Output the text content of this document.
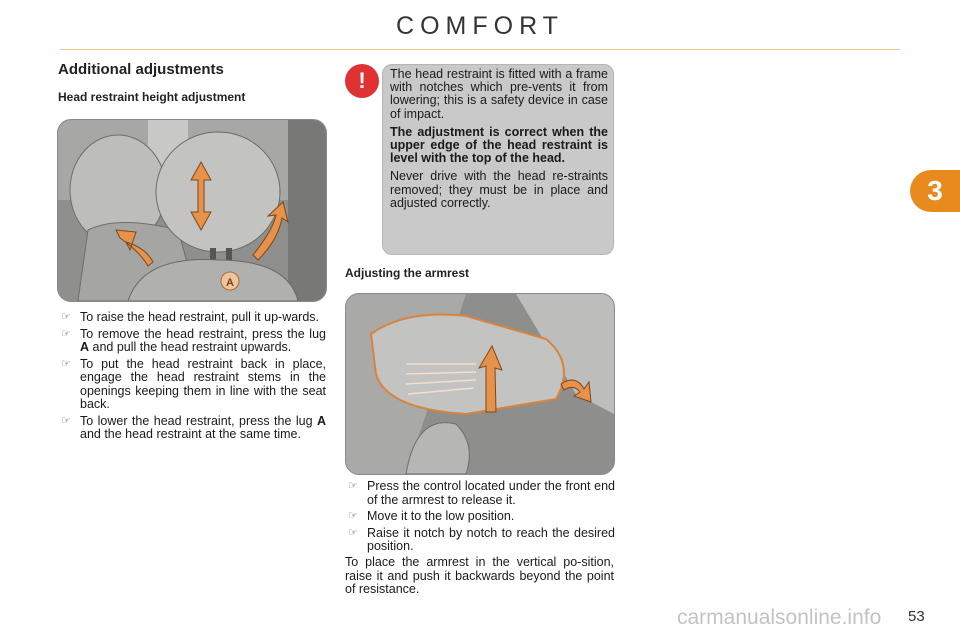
COMFORT
3
Additional adjustments
Head restraint height adjustment
A
☞ To raise the head restraint, pull it up-wards.
☞ To remove the head restraint, press the lug A and pull the head restraint upwards.
☞ To put the head restraint back in place, engage the head restraint stems in the openings keeping them in line with the seat back.
☞ To lower the head restraint, press the lug A and the head restraint at the same time.
!	The head restraint is fitted with a frame with notches which pre-vents it from lowering; this is a safety device in case of impact.

The adjustment is correct when the upper edge of the head restraint is level with the top of the head.

Never drive with the head re-straints removed; they must be in place and adjusted correctly.

Adjusting the armrest
☞ Press the control located under the front end of the armrest to release it.
☞ Move it to the low position.
☞ Raise it notch by notch to reach the desired position.
To place the armrest in the vertical po-sition, raise it and push it backwards beyond the point of resistance.
carmanualsonline.info 53
